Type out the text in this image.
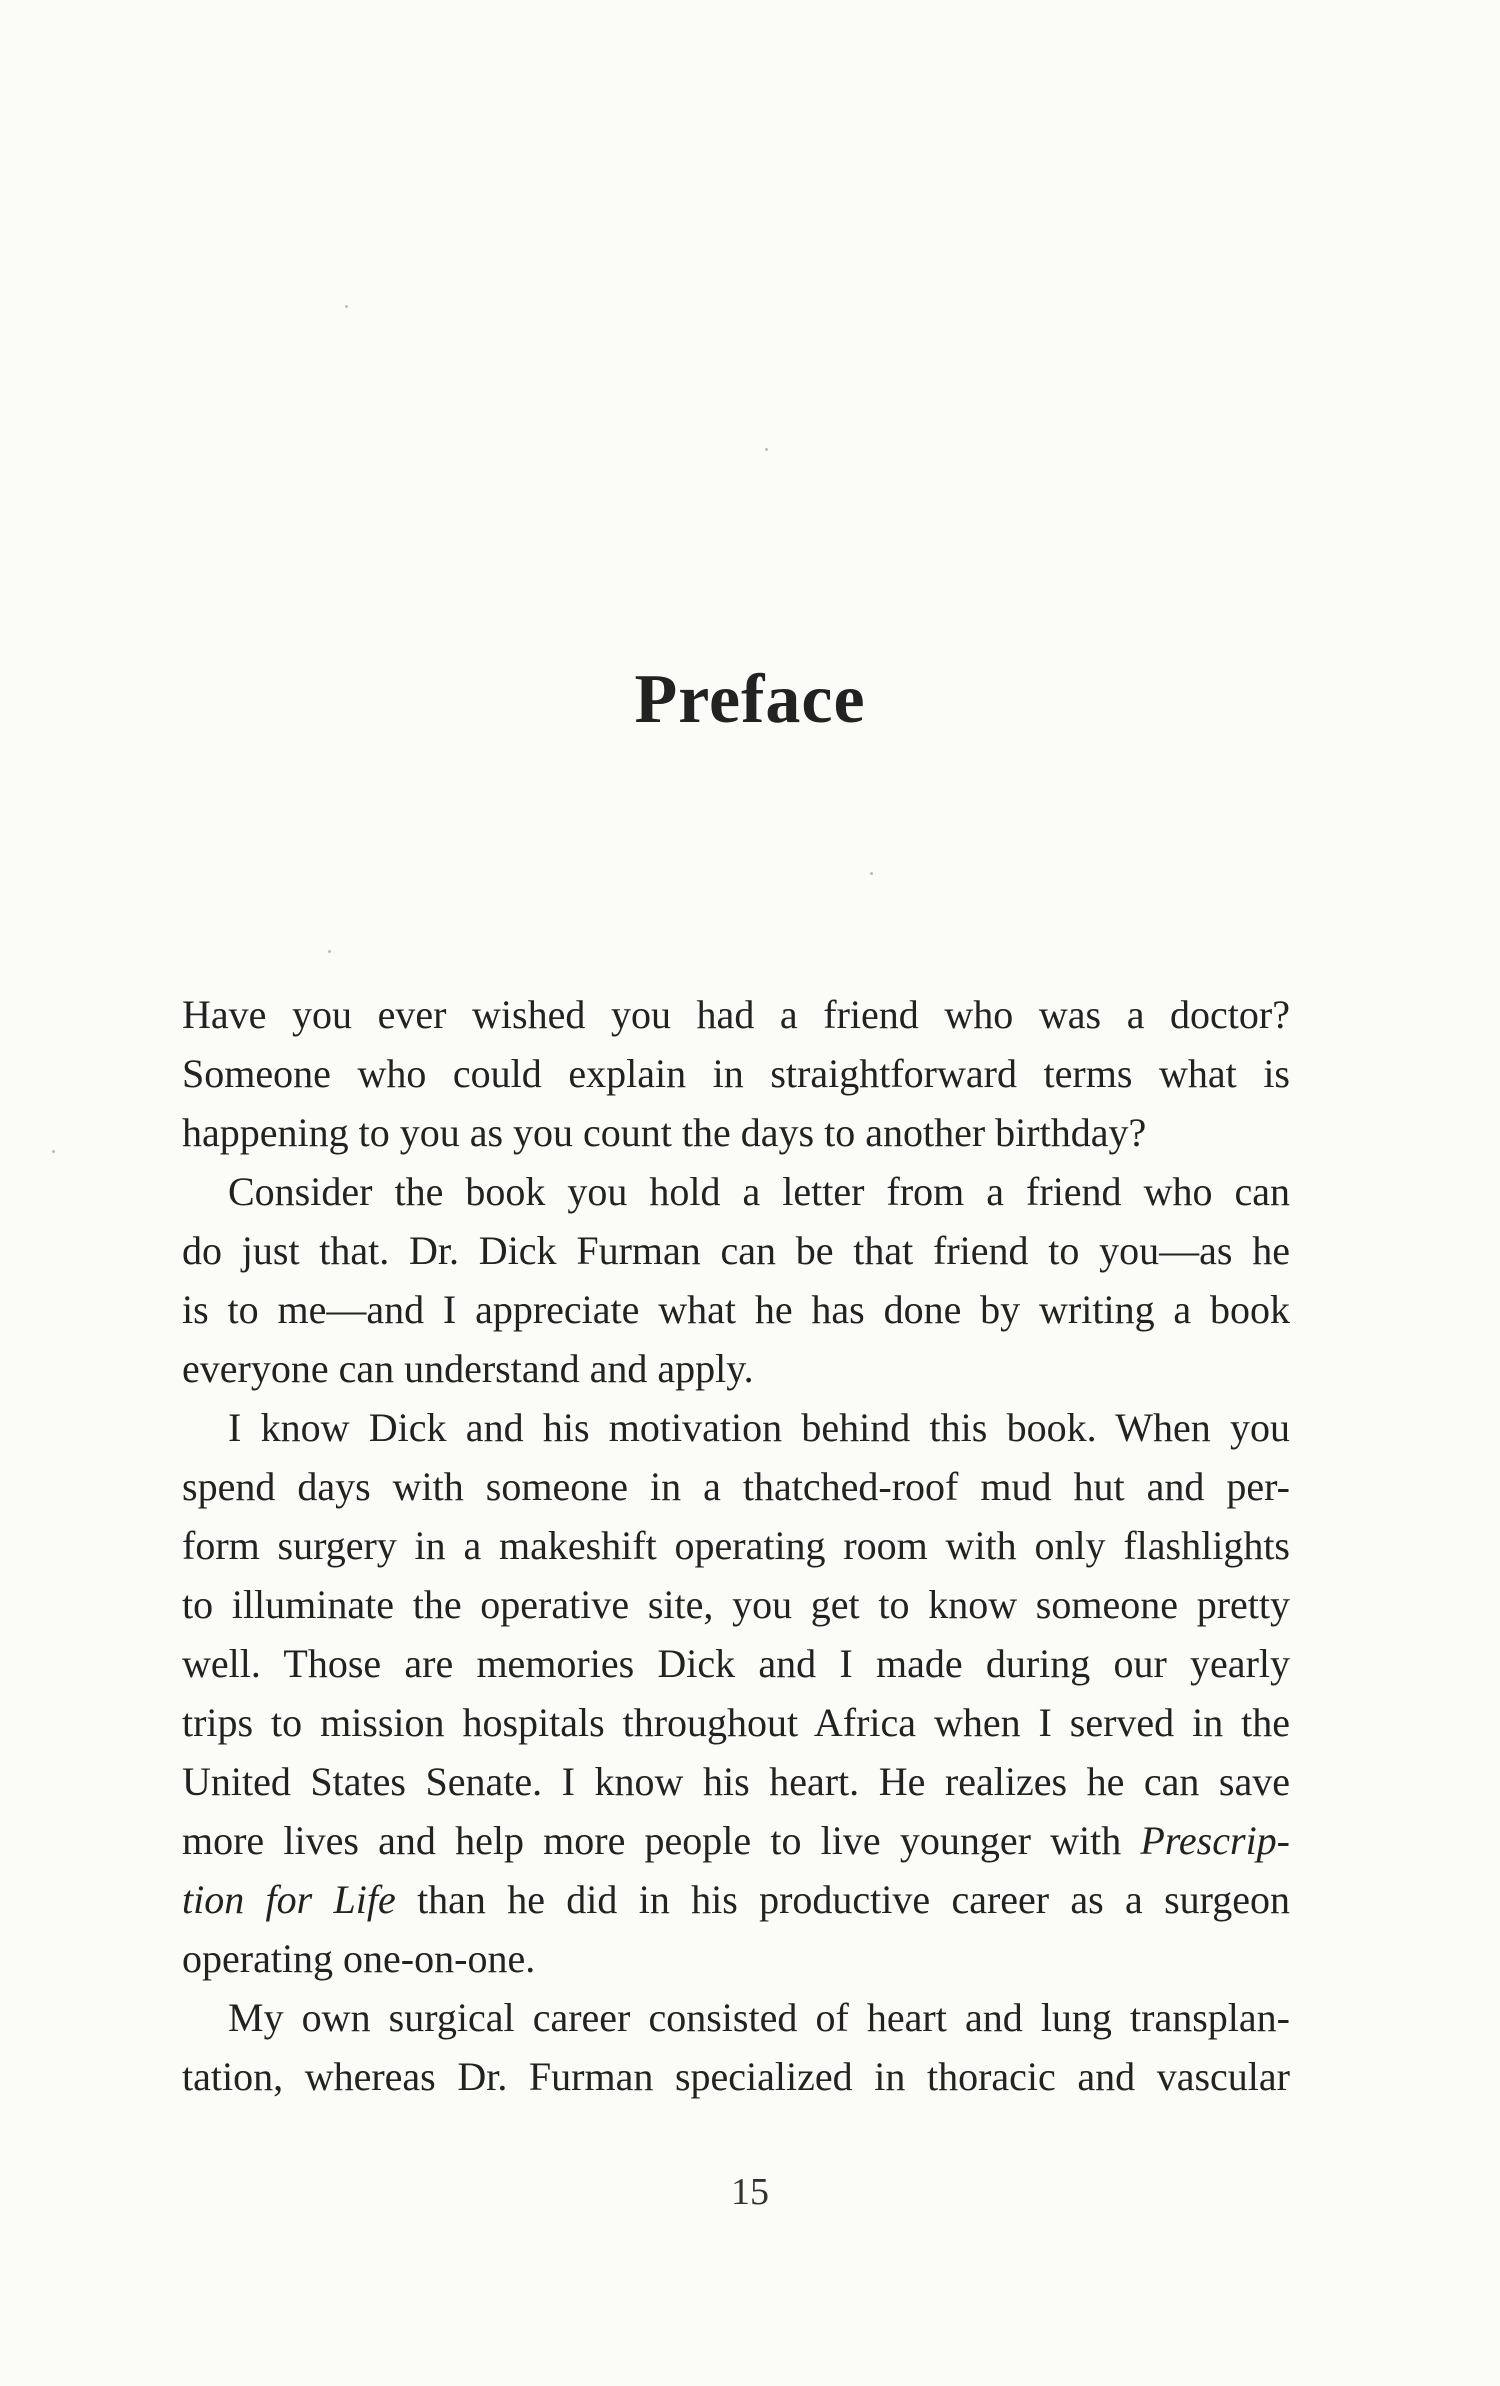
Preface

Have you ever wished you had a friend who was a doctor?
Someone who could explain in straightforward terms what is
happening to you as you count the days to another birthday?

Consider the book you hold a letter from a friend who can
do just that. Dr. Dick Furman can be that friend to you—as he
is to me—and I appreciate what he has done by writing a book
everyone can understand and apply.

I know Dick and his motivation behind this book. When you
spend days with someone in a thatched-roof mud hut and per-
form surgery in a makeshift operating room with only flashlights
to illuminate the operative site, you get to know someone pretty
well. Those are memories Dick and I made during our yearly
trips to mission hospitals throughout Africa when I served in the
United States Senate. I know his heart. He realizes he can save
more lives and help more people to live younger with Prescrip-
tion for Life than he did in his productive career as a surgeon
operating one-on-one.

My own surgical career consisted of heart and lung transplan-
tation, whereas Dr. Furman specialized in thoracic and vascular

15
